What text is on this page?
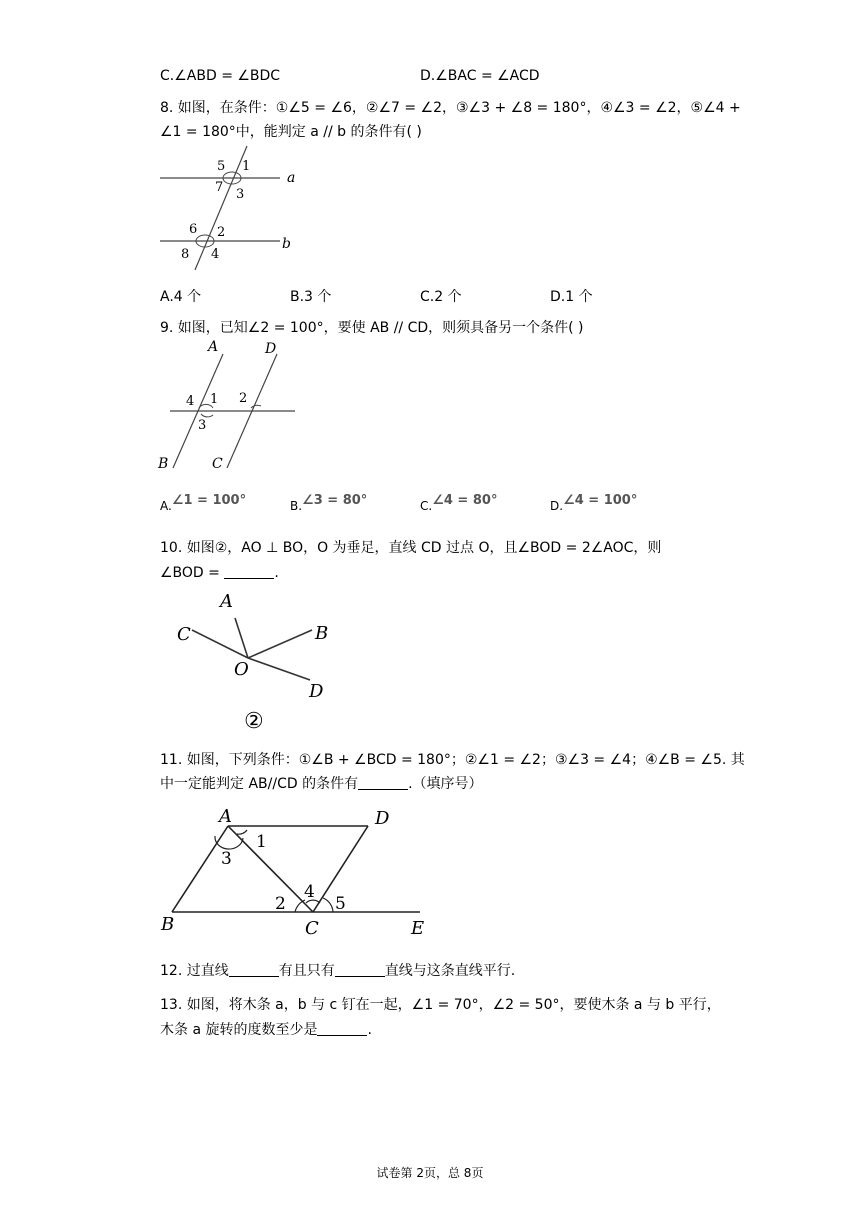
C.∠ABD = ∠BDC	D.∠BAC = ∠ACD
8. 如图，在条件：①∠5 = ∠6，②∠7 = ∠2，③∠3 + ∠8 = 180°，④∠3 = ∠2，⑤∠4 +
∠1 = 180°中，能判定 a // b 的条件有( )
5 1
7 3
a
6 2
8 4
b
A.4 个	B.3 个	C.2 个	D.1 个
9. 如图，已知∠2 = 100°，要使 AB // CD，则须具备另一个条件( )
A	D
4 1 2
3
B	C
A.∠1 = 100°	B.∠3 = 80°	C.∠4 = 80°	D.∠4 = 100°
10. 如图②，AO ⊥ BO，O 为垂足，直线 CD 过点 O，且∠BOD = 2∠AOC，则
∠BOD =	.
A
C	B
O
D
②
11. 如图，下列条件：①∠B + ∠BCD = 180°；②∠1 = ∠2；③∠3 = ∠4；④∠B = ∠5. 其
中一定能判定 AB//CD 的条件有	.（填序号）
A	D
1
3
4
2	5
B	C	E
12. 过直线	有且只有	直线与这条直线平行.
13. 如图，将木条 a，b 与 c 钉在一起，∠1 = 70°，∠2 = 50°，要使木条 a 与 b 平行，
木条 a 旋转的度数至少是	.
试卷第 2页，总 8页
